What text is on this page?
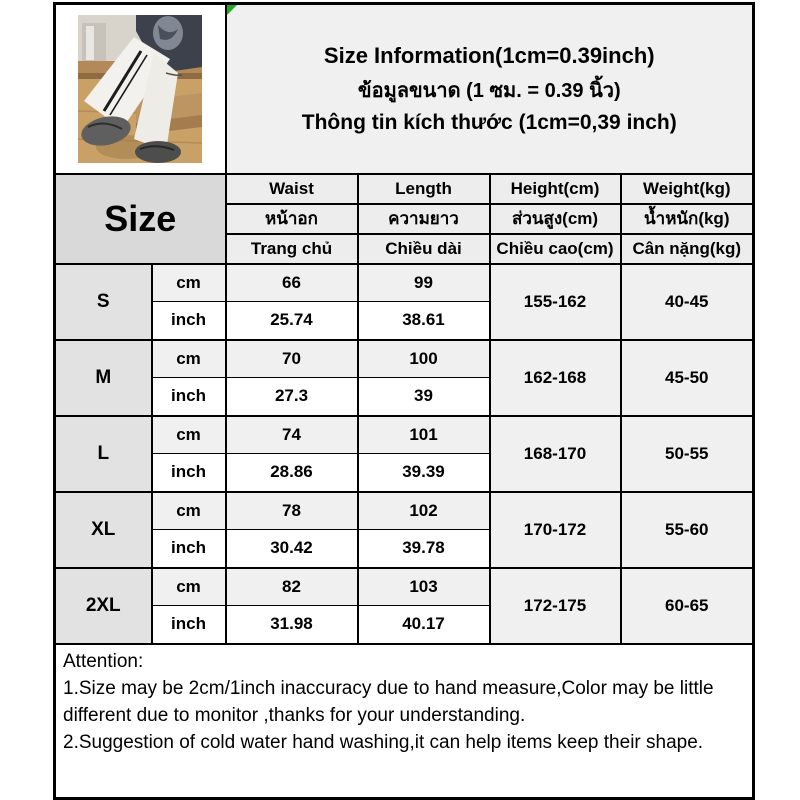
Size Information(1cm=0.39inch)
ข้อมูลขนาด (1 ซม. = 0.39 นิ้ว)
Thông tin kích thước (1cm=0,39 inch)			

Size		Waist	Length	Height(cm)	Weight(kg)
		หน้าอก	ความยาว	ส่วนสูง(cm)	น้ำหนัก(kg)
		Trang chủ	Chiều dài	Chiều cao(cm)	Cân nặng(kg)
S	cm	66	99	155-162	40-45
	inch	25.74	38.61		
M	cm	70	100	162-168	45-50
	inch	27.3	39		
L	cm	74	101	168-170	50-55
	inch	28.86	39.39		
XL	cm	78	102	170-172	55-60
	inch	30.42	39.78		
2XL	cm	82	103	172-175	60-65
	inch	31.98	40.17		

Attention:
1.Size may be 2cm/1inch inaccuracy due to hand measure,Color may be little different due to monitor ,thanks for your understanding.
2.Suggestion of cold water hand washing,it can help items keep their shape.					
